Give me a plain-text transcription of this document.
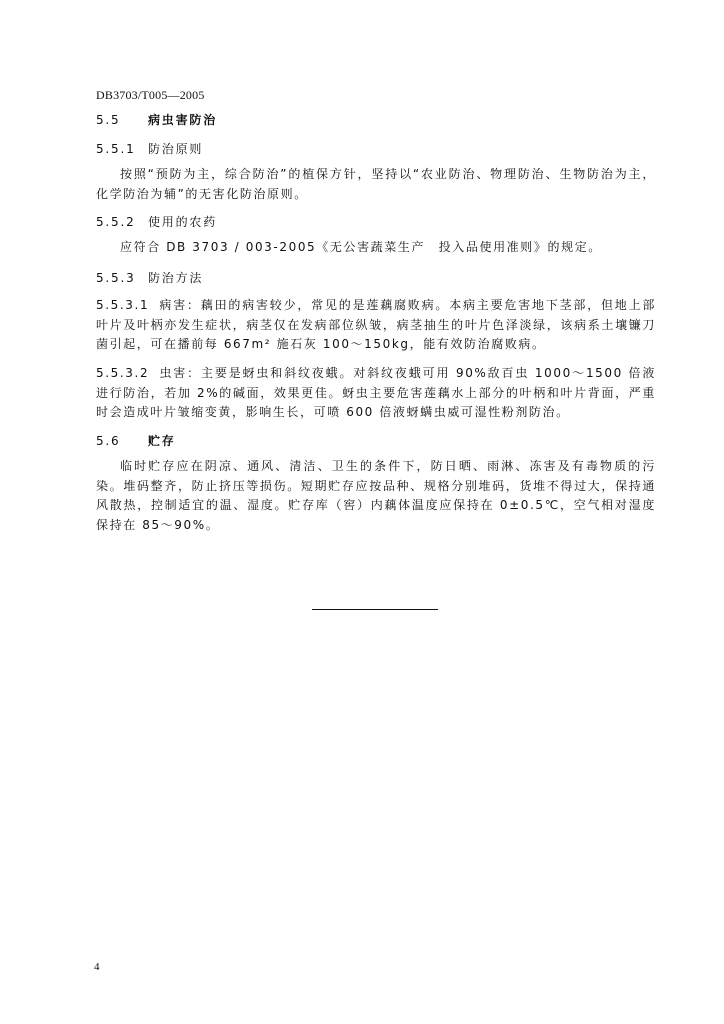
DB3703/T005—2005
5.5 病虫害防治
5.5.1 防治原则

按照“预防为主，综合防治”的植保方针，坚持以“农业防治、物理防治、生物防治为主，化学防治为辅”的无害化防治原则。

5.5.2 使用的农药

应符合 DB 3703 / 003-2005《无公害蔬菜生产　投入品使用准则》的规定。

5.5.3 防治方法

5.5.3.1 病害：藕田的病害较少，常见的是莲藕腐败病。本病主要危害地下茎部，但地上部叶片及叶柄亦发生症状，病茎仅在发病部位纵皱，病茎抽生的叶片色泽淡绿，该病系土壤镰刀菌引起，可在播前每 667m² 施石灰 100～150kg，能有效防治腐败病。

5.5.3.2 虫害：主要是蚜虫和斜纹夜蛾。对斜纹夜蛾可用 90%敌百虫 1000～1500 倍液进行防治，若加 2%的碱面，效果更佳。蚜虫主要危害莲藕水上部分的叶柄和叶片背面，严重时会造成叶片皱缩变黄，影响生长，可喷 600 倍液蚜螨虫威可湿性粉剂防治。

5.6 贮存

临时贮存应在阴凉、通风、清洁、卫生的条件下，防日晒、雨淋、冻害及有毒物质的污染。堆码整齐，防止挤压等损伤。短期贮存应按品种、规格分别堆码，货堆不得过大，保持通风散热，控制适宜的温、湿度。贮存库（窖）内藕体温度应保持在 0±0.5℃，空气相对湿度保持在 85～90%。

4
